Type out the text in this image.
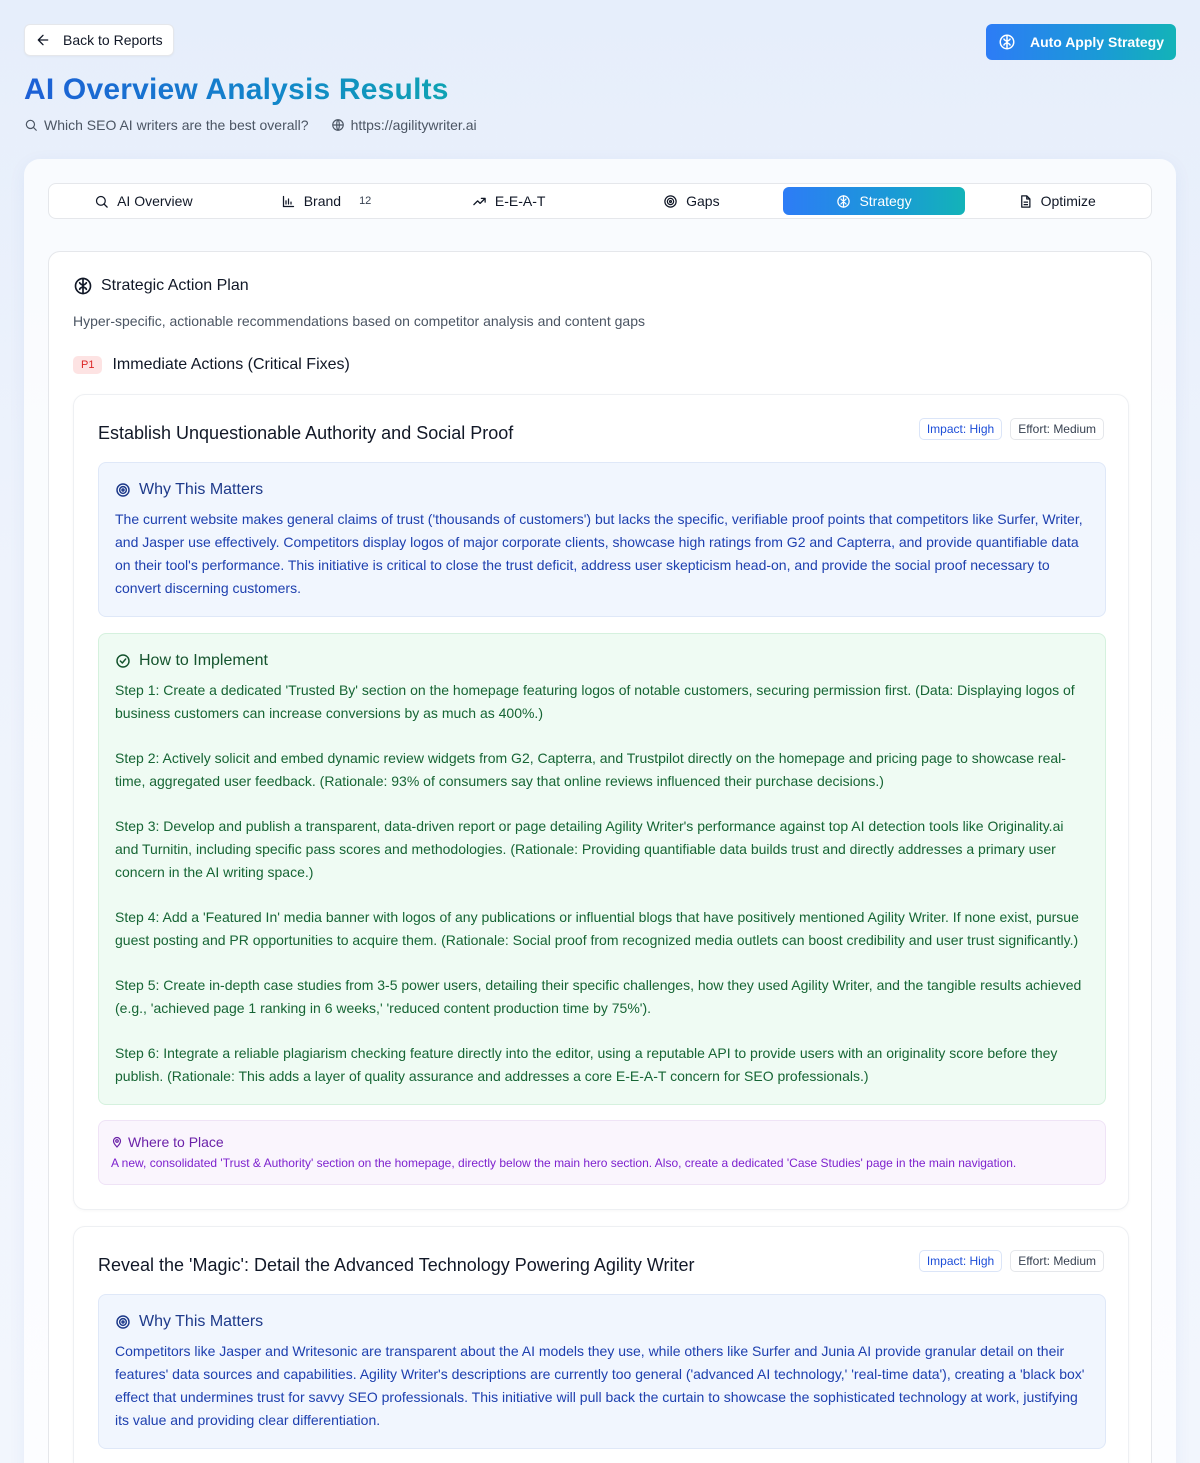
Back to Reports	Auto Apply Strategy
AI Overview Analysis Results
Which SEO AI writers are the best overall?	https://agilitywriter.ai
AI Overview	Brand 12	E-E-A-T	Gaps	Strategy	Optimize
Strategic Action Plan
Hyper-specific, actionable recommendations based on competitor analysis and content gaps
P1	Immediate Actions (Critical Fixes)
Establish Unquestionable Authority and Social Proof	Impact: High	Effort: Medium
Why This Matters

The current website makes general claims of trust ('thousands of customers') but lacks the specific, verifiable proof points that competitors like Surfer, Writer, and Jasper use effectively. Competitors display logos of major corporate clients, showcase high ratings from G2 and Capterra, and provide quantifiable data on their tool's performance. This initiative is critical to close the trust deficit, address user skepticism head-on, and provide the social proof necessary to convert discerning customers.

How to Implement

Step 1: Create a dedicated 'Trusted By' section on the homepage featuring logos of notable customers, securing permission first. (Data: Displaying logos of business customers can increase conversions by as much as 400%.)

Step 2: Actively solicit and embed dynamic review widgets from G2, Capterra, and Trustpilot directly on the homepage and pricing page to showcase real-time, aggregated user feedback. (Rationale: 93% of consumers say that online reviews influenced their purchase decisions.)

Step 3: Develop and publish a transparent, data-driven report or page detailing Agility Writer's performance against top AI detection tools like Originality.ai and Turnitin, including specific pass scores and methodologies. (Rationale: Providing quantifiable data builds trust and directly addresses a primary user concern in the AI writing space.)

Step 4: Add a 'Featured In' media banner with logos of any publications or influential blogs that have positively mentioned Agility Writer. If none exist, pursue guest posting and PR opportunities to acquire them. (Rationale: Social proof from recognized media outlets can boost credibility and user trust significantly.)

Step 5: Create in-depth case studies from 3-5 power users, detailing their specific challenges, how they used Agility Writer, and the tangible results achieved (e.g., 'achieved page 1 ranking in 6 weeks,' 'reduced content production time by 75%').

Step 6: Integrate a reliable plagiarism checking feature directly into the editor, using a reputable API to provide users with an originality score before they publish. (Rationale: This adds a layer of quality assurance and addresses a core E-E-A-T concern for SEO professionals.)

Where to Place

A new, consolidated 'Trust & Authority' section on the homepage, directly below the main hero section. Also, create a dedicated 'Case Studies' page in the main navigation.

Reveal the 'Magic': Detail the Advanced Technology Powering Agility Writer	Impact: High	Effort: Medium
Why This Matters

Competitors like Jasper and Writesonic are transparent about the AI models they use, while others like Surfer and Junia AI provide granular detail on their features' data sources and capabilities. Agility Writer's descriptions are currently too general ('advanced AI technology,' 'real-time data'), creating a 'black box' effect that undermines trust for savvy SEO professionals. This initiative will pull back the curtain to showcase the sophisticated technology at work, justifying its value and providing clear differentiation.
